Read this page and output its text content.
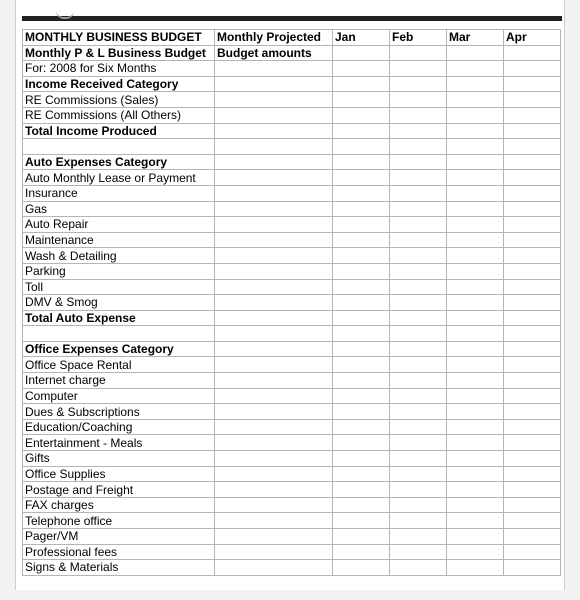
MONTHLY BUSINESS BUDGET	Monthly Projected	Jan	Feb	Mar	Apr
Monthly P & L Business Budget	Budget amounts				
For: 2008 for Six Months					
Income Received Category					
RE Commissions (Sales)					
RE Commissions (All Others)					
Total Income Produced					

Auto Expenses Category					
Auto Monthly Lease or Payment					
Insurance					
Gas					
Auto Repair					
Maintenance					
Wash & Detailing					
Parking					
Toll					
DMV & Smog					
Total Auto Expense					

Office Expenses Category					
Office Space Rental					
Internet charge					
Computer					
Dues & Subscriptions					
Education/Coaching					
Entertainment - Meals					
Gifts					
Office Supplies					
Postage and Freight					
FAX charges					
Telephone office					
Pager/VM					
Professional fees					
Signs & Materials					
